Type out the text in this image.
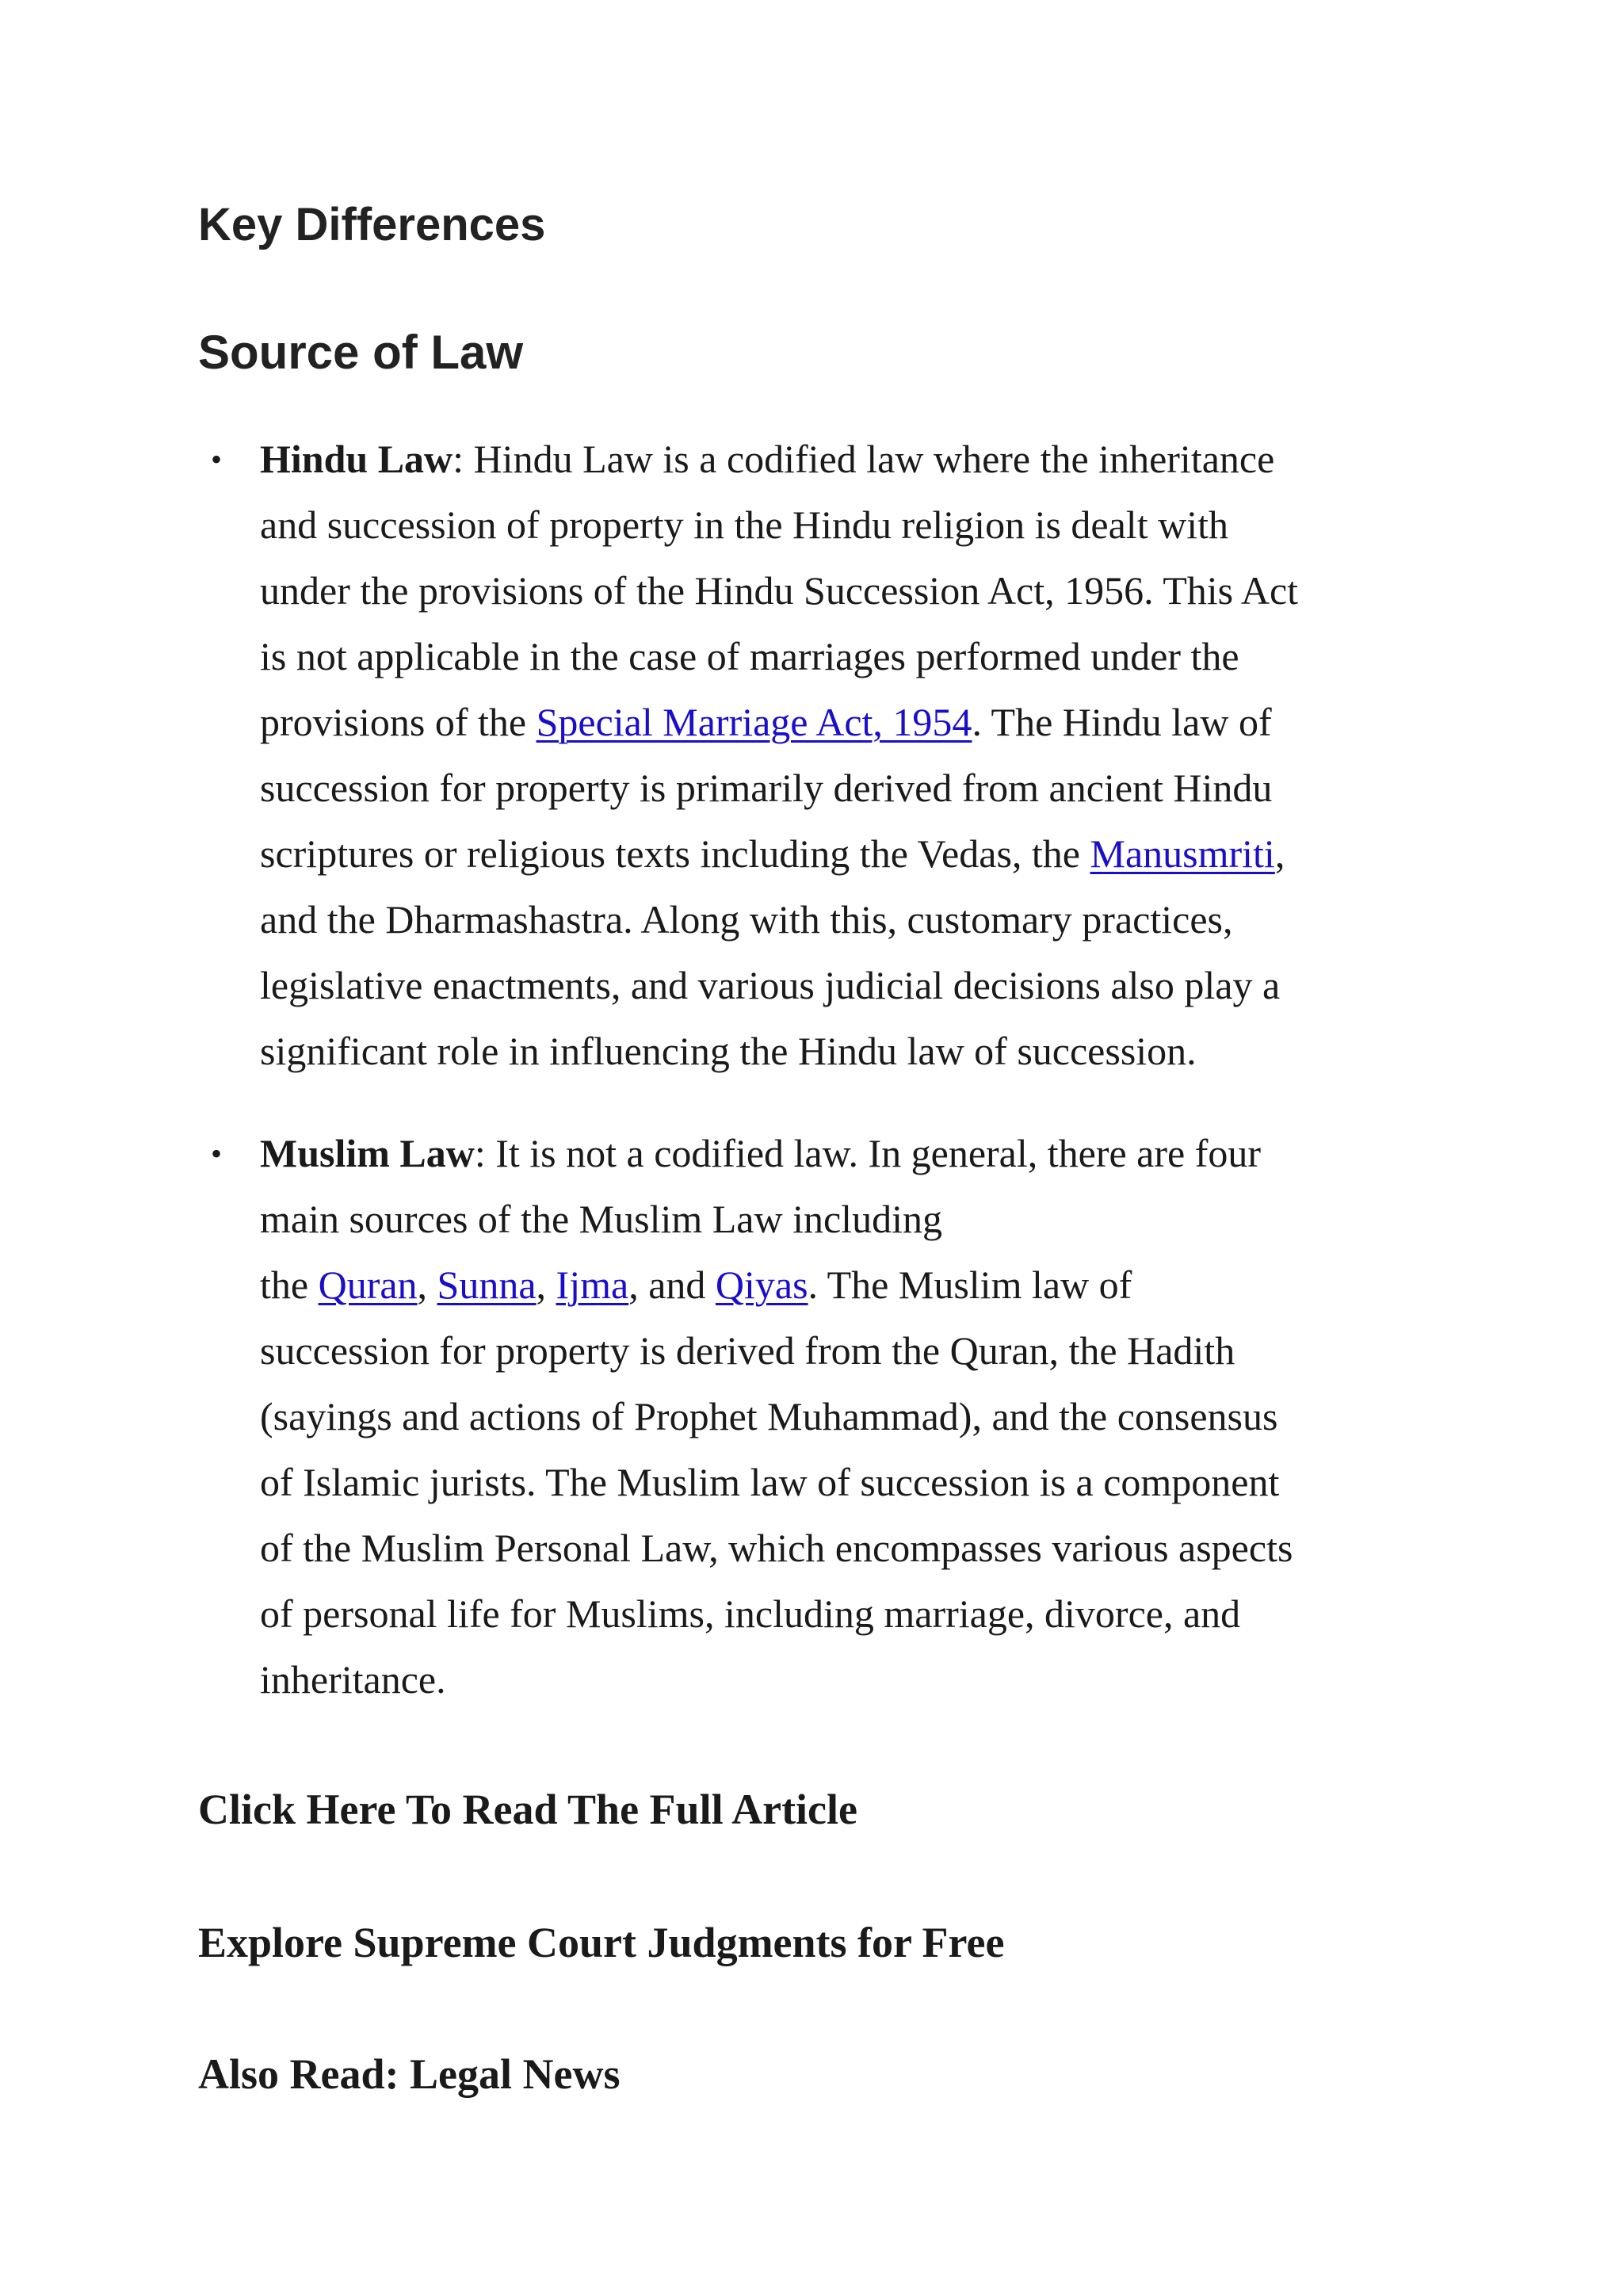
Key Differences
Source of Law
• Hindu Law: Hindu Law is a codified law where the inheritance
and succession of property in the Hindu religion is dealt with
under the provisions of the Hindu Succession Act, 1956. This Act
is not applicable in the case of marriages performed under the
provisions of the Special Marriage Act, 1954. The Hindu law of
succession for property is primarily derived from ancient Hindu
scriptures or religious texts including the Vedas, the Manusmriti,
and the Dharmashastra. Along with this, customary practices,
legislative enactments, and various judicial decisions also play a
significant role in influencing the Hindu law of succession.
• Muslim Law: It is not a codified law. In general, there are four
main sources of the Muslim Law including
the Quran, Sunna, Ijma, and Qiyas. The Muslim law of
succession for property is derived from the Quran, the Hadith
(sayings and actions of Prophet Muhammad), and the consensus
of Islamic jurists. The Muslim law of succession is a component
of the Muslim Personal Law, which encompasses various aspects
of personal life for Muslims, including marriage, divorce, and
inheritance.

Click Here To Read The Full Article

Explore Supreme Court Judgments for Free

Also Read: Legal News
